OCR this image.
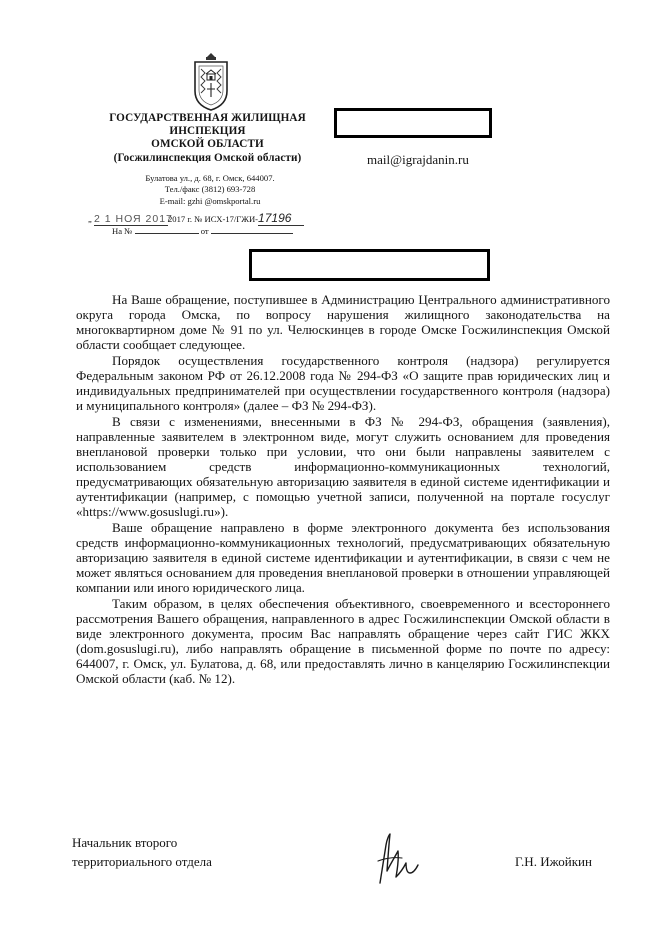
ГОСУДАРСТВЕННАЯ ЖИЛИЩНАЯ
ИНСПЕКЦИЯ
ОМСКОЙ ОБЛАСТИ
(Госжилинспекция Омской области)
Булатова ул., д. 68, г. Омск, 644007.
Тел./факс (3812) 693-728
E-mail: gzhi @omskportal.ru
mail@igrajdanin.ru
„ 2 1 НОЯ 20172017 г. № ИСХ-17/ГЖИ-17196
На №	от

На Ваше обращение, поступившее в Администрацию Центрального административного округа города Омска, по вопросу нарушения жилищного законодательства на многоквартирном доме № 91 по ул. Челюскинцев в городе Омске Госжилинспекция Омской области сообщает следующее.

Порядок осуществления государственного контроля (надзора) регулируется Федеральным законом РФ от 26.12.2008 года № 294-ФЗ «О защите прав юридических лиц и индивидуальных предпринимателей при осуществлении государственного контроля (надзора) и муниципального контроля» (далее – ФЗ № 294-ФЗ).

В связи с изменениями, внесенными в ФЗ № 294-ФЗ, обращения (заявления), направленные заявителем в электронном виде, могут служить основанием для проведения внеплановой проверки только при условии, что они были направлены заявителем с использованием средств информационно-коммуникационных технологий, предусматривающих обязательную авторизацию заявителя в единой системе идентификации и аутентификации (например, с помощью учетной записи, полученной на портале госуслуг «https://www.gosuslugi.ru»).

Ваше обращение направлено в форме электронного документа без использования средств информационно-коммуникационных технологий, предусматривающих обязательную авторизацию заявителя в единой системе идентификации и аутентификации, в связи с чем не может являться основанием для проведения внеплановой проверки в отношении управляющей компании или иного юридического лица.

Таким образом, в целях обеспечения объективного, своевременного и всестороннего рассмотрения Вашего обращения, направленного в адрес Госжилинспекции Омской области в виде электронного документа, просим Вас направлять обращение через сайт ГИС ЖКХ (dom.gosuslugi.ru), либо направлять обращение в письменной форме по почте по адресу: 644007, г. Омск, ул. Булатова, д. 68, или предоставлять лично в канцелярию Госжилинспекции Омской области (каб. № 12).

Начальник второго
территориального отдела	Г.Н. Ижойкин
